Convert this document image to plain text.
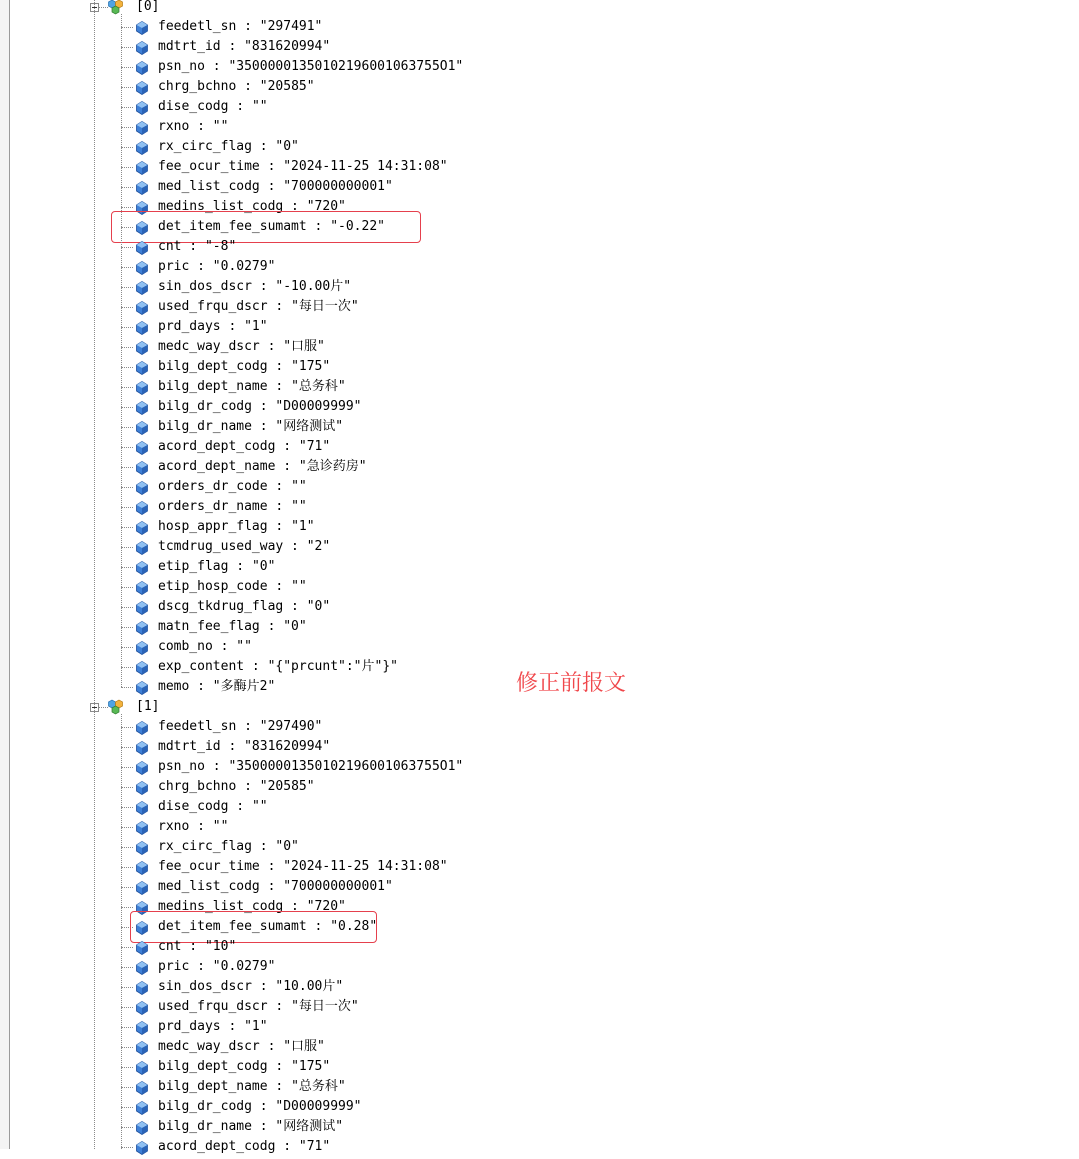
[0]
feedetl_sn : "297491"
mdtrt_id : "831620994"
psn_no : "35000001350102196001063755O1"
chrg_bchno : "20585"
dise_codg : ""
rxno : ""
rx_circ_flag : "0"
fee_ocur_time : "2024-11-25 14:31:08"
med_list_codg : "700000000001"
medins_list_codg : "720"
det_item_fee_sumamt : "-0.22"
cnt : "-8"
pric : "0.0279"
sin_dos_dscr : "-10.00片"
used_frqu_dscr : "每日一次"
prd_days : "1"
medc_way_dscr : "口服"
bilg_dept_codg : "175"
bilg_dept_name : "总务科"
bilg_dr_codg : "D00009999"
bilg_dr_name : "网络测试"
acord_dept_codg : "71"
acord_dept_name : "急诊药房"
orders_dr_code : ""
orders_dr_name : ""
hosp_appr_flag : "1"
tcmdrug_used_way : "2"
etip_flag : "0"
etip_hosp_code : ""
dscg_tkdrug_flag : "0"
matn_fee_flag : "0"
comb_no : ""
exp_content : "{"prcunt":"片"}"
memo : "多酶片2"
[1]
feedetl_sn : "297490"
mdtrt_id : "831620994"
psn_no : "35000001350102196001063755O1"
chrg_bchno : "20585"
dise_codg : ""
rxno : ""
rx_circ_flag : "0"
fee_ocur_time : "2024-11-25 14:31:08"
med_list_codg : "700000000001"
medins_list_codg : "720"
det_item_fee_sumamt : "0.28"
cnt : "10"
pric : "0.0279"
sin_dos_dscr : "10.00片"
used_frqu_dscr : "每日一次"
prd_days : "1"
medc_way_dscr : "口服"
bilg_dept_codg : "175"
bilg_dept_name : "总务科"
bilg_dr_codg : "D00009999"
bilg_dr_name : "网络测试"
acord_dept_codg : "71"
修正前报文
